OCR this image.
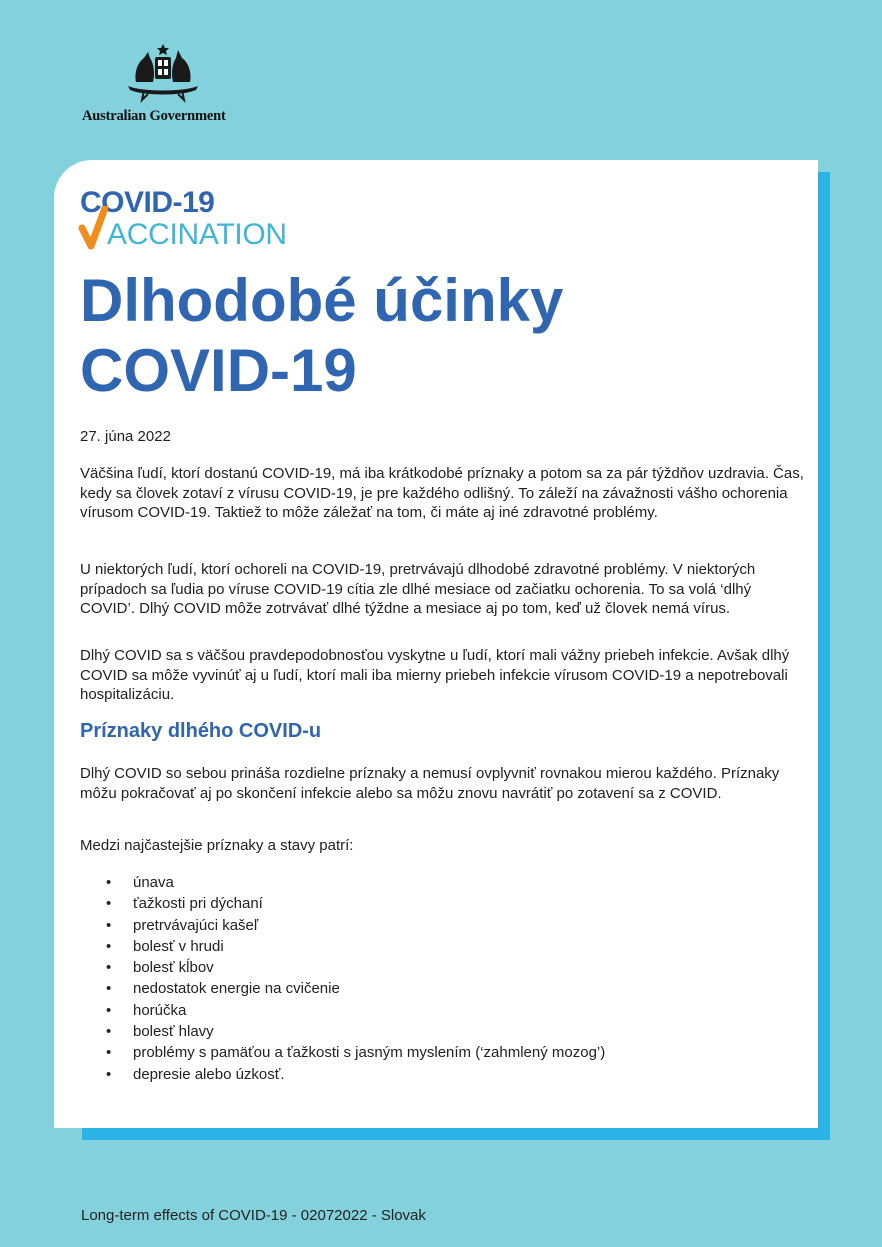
Australian Government
COVID-19
ACCINATION
Dlhodobé účinky
COVID-19
27. júna 2022

Väčšina ľudí, ktorí dostanú COVID-19, má iba krátkodobé príznaky a potom sa za pár týždňov uzdravia. Čas, kedy sa človek zotaví z vírusu COVID-19, je pre každého odlišný. To záleží na závažnosti vášho ochorenia vírusom COVID-19. Taktiež to môže záležať na tom, či máte aj iné zdravotné problémy.

U niektorých ľudí, ktorí ochoreli na COVID-19, pretrvávajú dlhodobé zdravotné problémy. V niektorých prípadoch sa ľudia po víruse COVID-19 cítia zle dlhé mesiace od začiatku ochorenia. To sa volá ‘dlhý COVID’. Dlhý COVID môže zotrvávať dlhé týždne a mesiace aj po tom, keď už človek nemá vírus.

Dlhý COVID sa s väčšou pravdepodobnosťou vyskytne u ľudí, ktorí mali vážny priebeh infekcie. Avšak dlhý COVID sa môže vyvinúť aj u ľudí, ktorí mali iba mierny priebeh infekcie vírusom COVID-19 a nepotrebovali hospitalizáciu.

Príznaky dlhého COVID-u

Dlhý COVID so sebou prináša rozdielne príznaky a nemusí ovplyvniť rovnakou mierou každého. Príznaky môžu pokračovať aj po skončení infekcie alebo sa môžu znovu navrátiť po zotavení sa z COVID.

Medzi najčastejšie príznaky a stavy patrí:

• únava
• ťažkosti pri dýchaní
• pretrvávajúci kašeľ
• bolesť v hrudi
• bolesť kĺbov
• nedostatok energie na cvičenie
• horúčka
• bolesť hlavy
• problémy s pamäťou a ťažkosti s jasným myslením (‘zahmlený mozog’)
• depresie alebo úzkosť.
Long-term effects of COVID-19 - 02072022 - Slovak
